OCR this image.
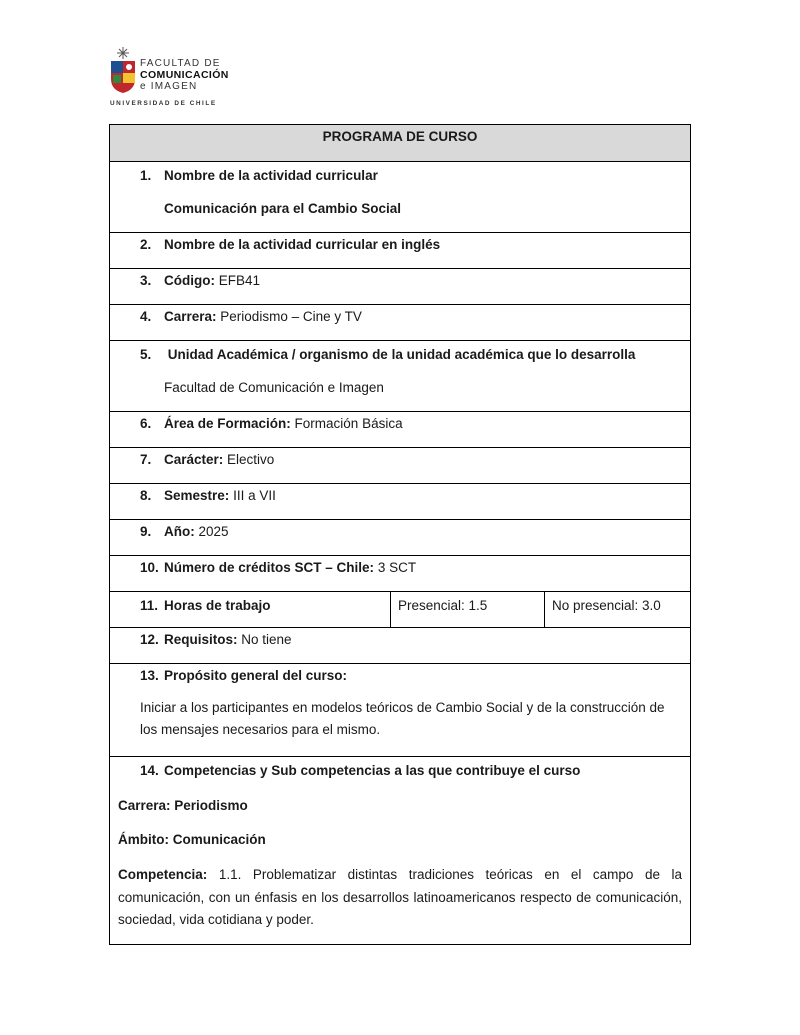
FACULTAD DE
COMUNICACIÓN
e IMAGEN
UNIVERSIDAD DE CHILE
PROGRAMA DE CURSO
1. Nombre de la actividad curricular
Comunicación para el Cambio Social
2. Nombre de la actividad curricular en inglés
3. Código: EFB41
4. Carrera: Periodismo – Cine y TV
5. Unidad Académica / organismo de la unidad académica que lo desarrolla
Facultad de Comunicación e Imagen
6. Área de Formación: Formación Básica
7. Carácter: Electivo
8. Semestre: III a VII
9. Año: 2025
10. Número de créditos SCT – Chile: 3 SCT
11. Horas de trabajo	Presencial: 1.5	No presencial: 3.0
12. Requisitos: No tiene
13. Propósito general del curso:

Iniciar a los participantes en modelos teóricos de Cambio Social y de la construcción de los mensajes necesarios para el mismo.

14. Competencias y Sub competencias a las que contribuye el curso
Carrera: Periodismo
Ámbito: Comunicación

Competencia: 1.1. Problematizar distintas tradiciones teóricas en el campo de la comunicación, con un énfasis en los desarrollos latinoamericanos respecto de comunicación, sociedad, vida cotidiana y poder.
